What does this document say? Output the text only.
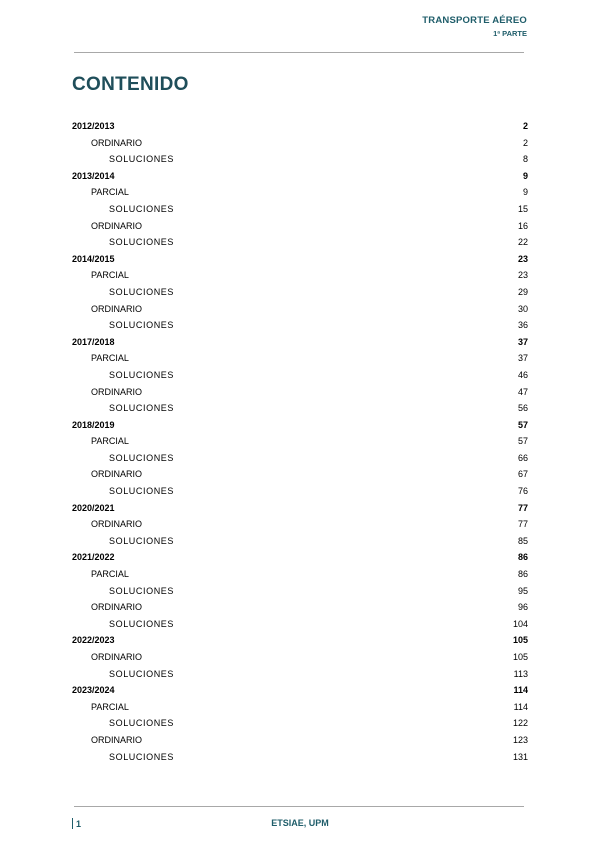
TRANSPORTE AÉREO
1ª PARTE
CONTENIDO
2012/2013	2
ORDINARIO	2
SOLUCIONES	8
2013/2014	9
PARCIAL	9
SOLUCIONES	15
ORDINARIO	16
SOLUCIONES	22
2014/2015	23
PARCIAL	23
SOLUCIONES	29
ORDINARIO	30
SOLUCIONES	36
2017/2018	37
PARCIAL	37
SOLUCIONES	46
ORDINARIO	47
SOLUCIONES	56
2018/2019	57
PARCIAL	57
SOLUCIONES	66
ORDINARIO	67
SOLUCIONES	76
2020/2021	77
ORDINARIO	77
SOLUCIONES	85
2021/2022	86
PARCIAL	86
SOLUCIONES	95
ORDINARIO	96
SOLUCIONES	104
2022/2023	105
ORDINARIO	105
SOLUCIONES	113
2023/2024	114
PARCIAL	114
SOLUCIONES	122
ORDINARIO	123
SOLUCIONES	131
1	ETSIAE, UPM
